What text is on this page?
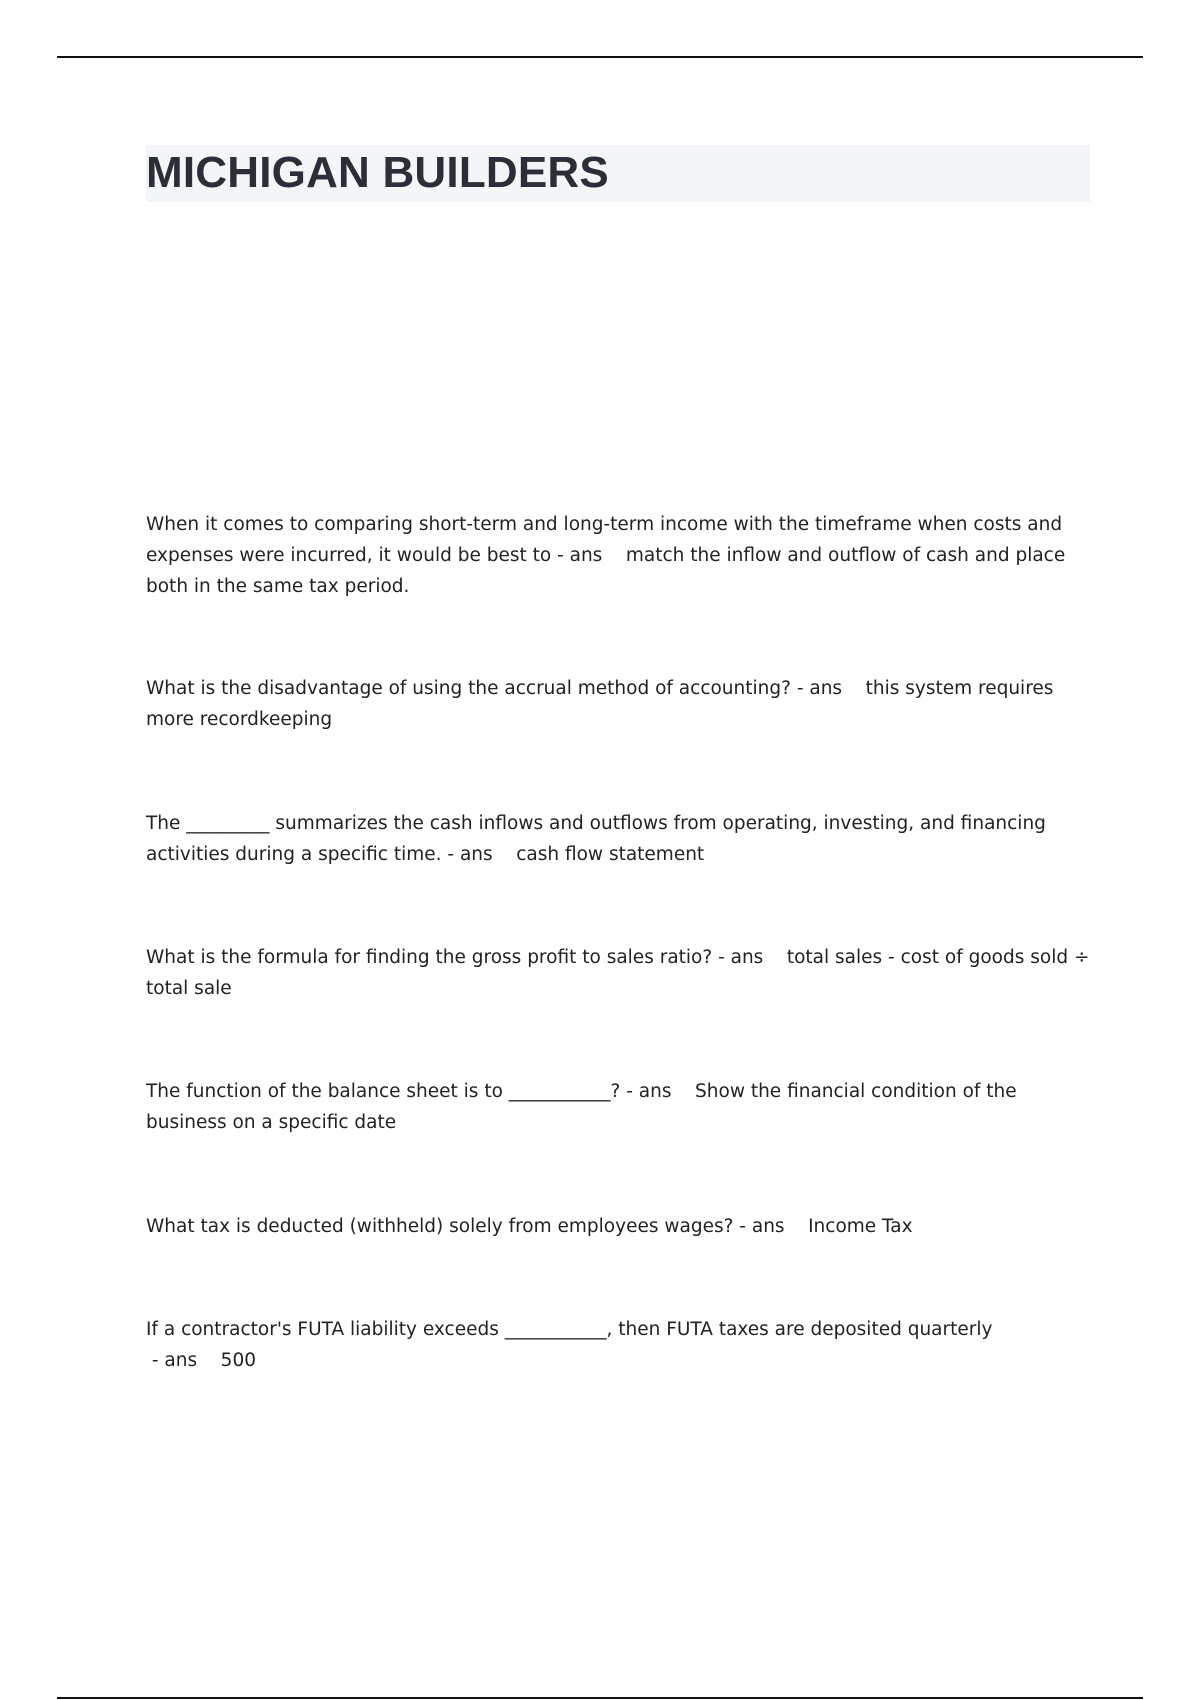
MICHIGAN BUILDERS

When it comes to comparing short-term and long-term income with the timeframe when costs and expenses were incurred, it would be best to - ans    match the inflow and outflow of cash and place both in the same tax period.

What is the disadvantage of using the accrual method of accounting? - ans    this system requires more recordkeeping

The _________ summarizes the cash inflows and outflows from operating, investing, and financing activities during a specific time. - ans    cash flow statement

What is the formula for finding the gross profit to sales ratio? - ans    total sales - cost of goods sold ÷ total sale

The function of the balance sheet is to ___________? - ans    Show the financial condition of the business on a specific date

What tax is deducted (withheld) solely from employees wages? - ans    Income Tax

If a contractor's FUTA liability exceeds ___________, then FUTA taxes are deposited quarterly - ans    500
